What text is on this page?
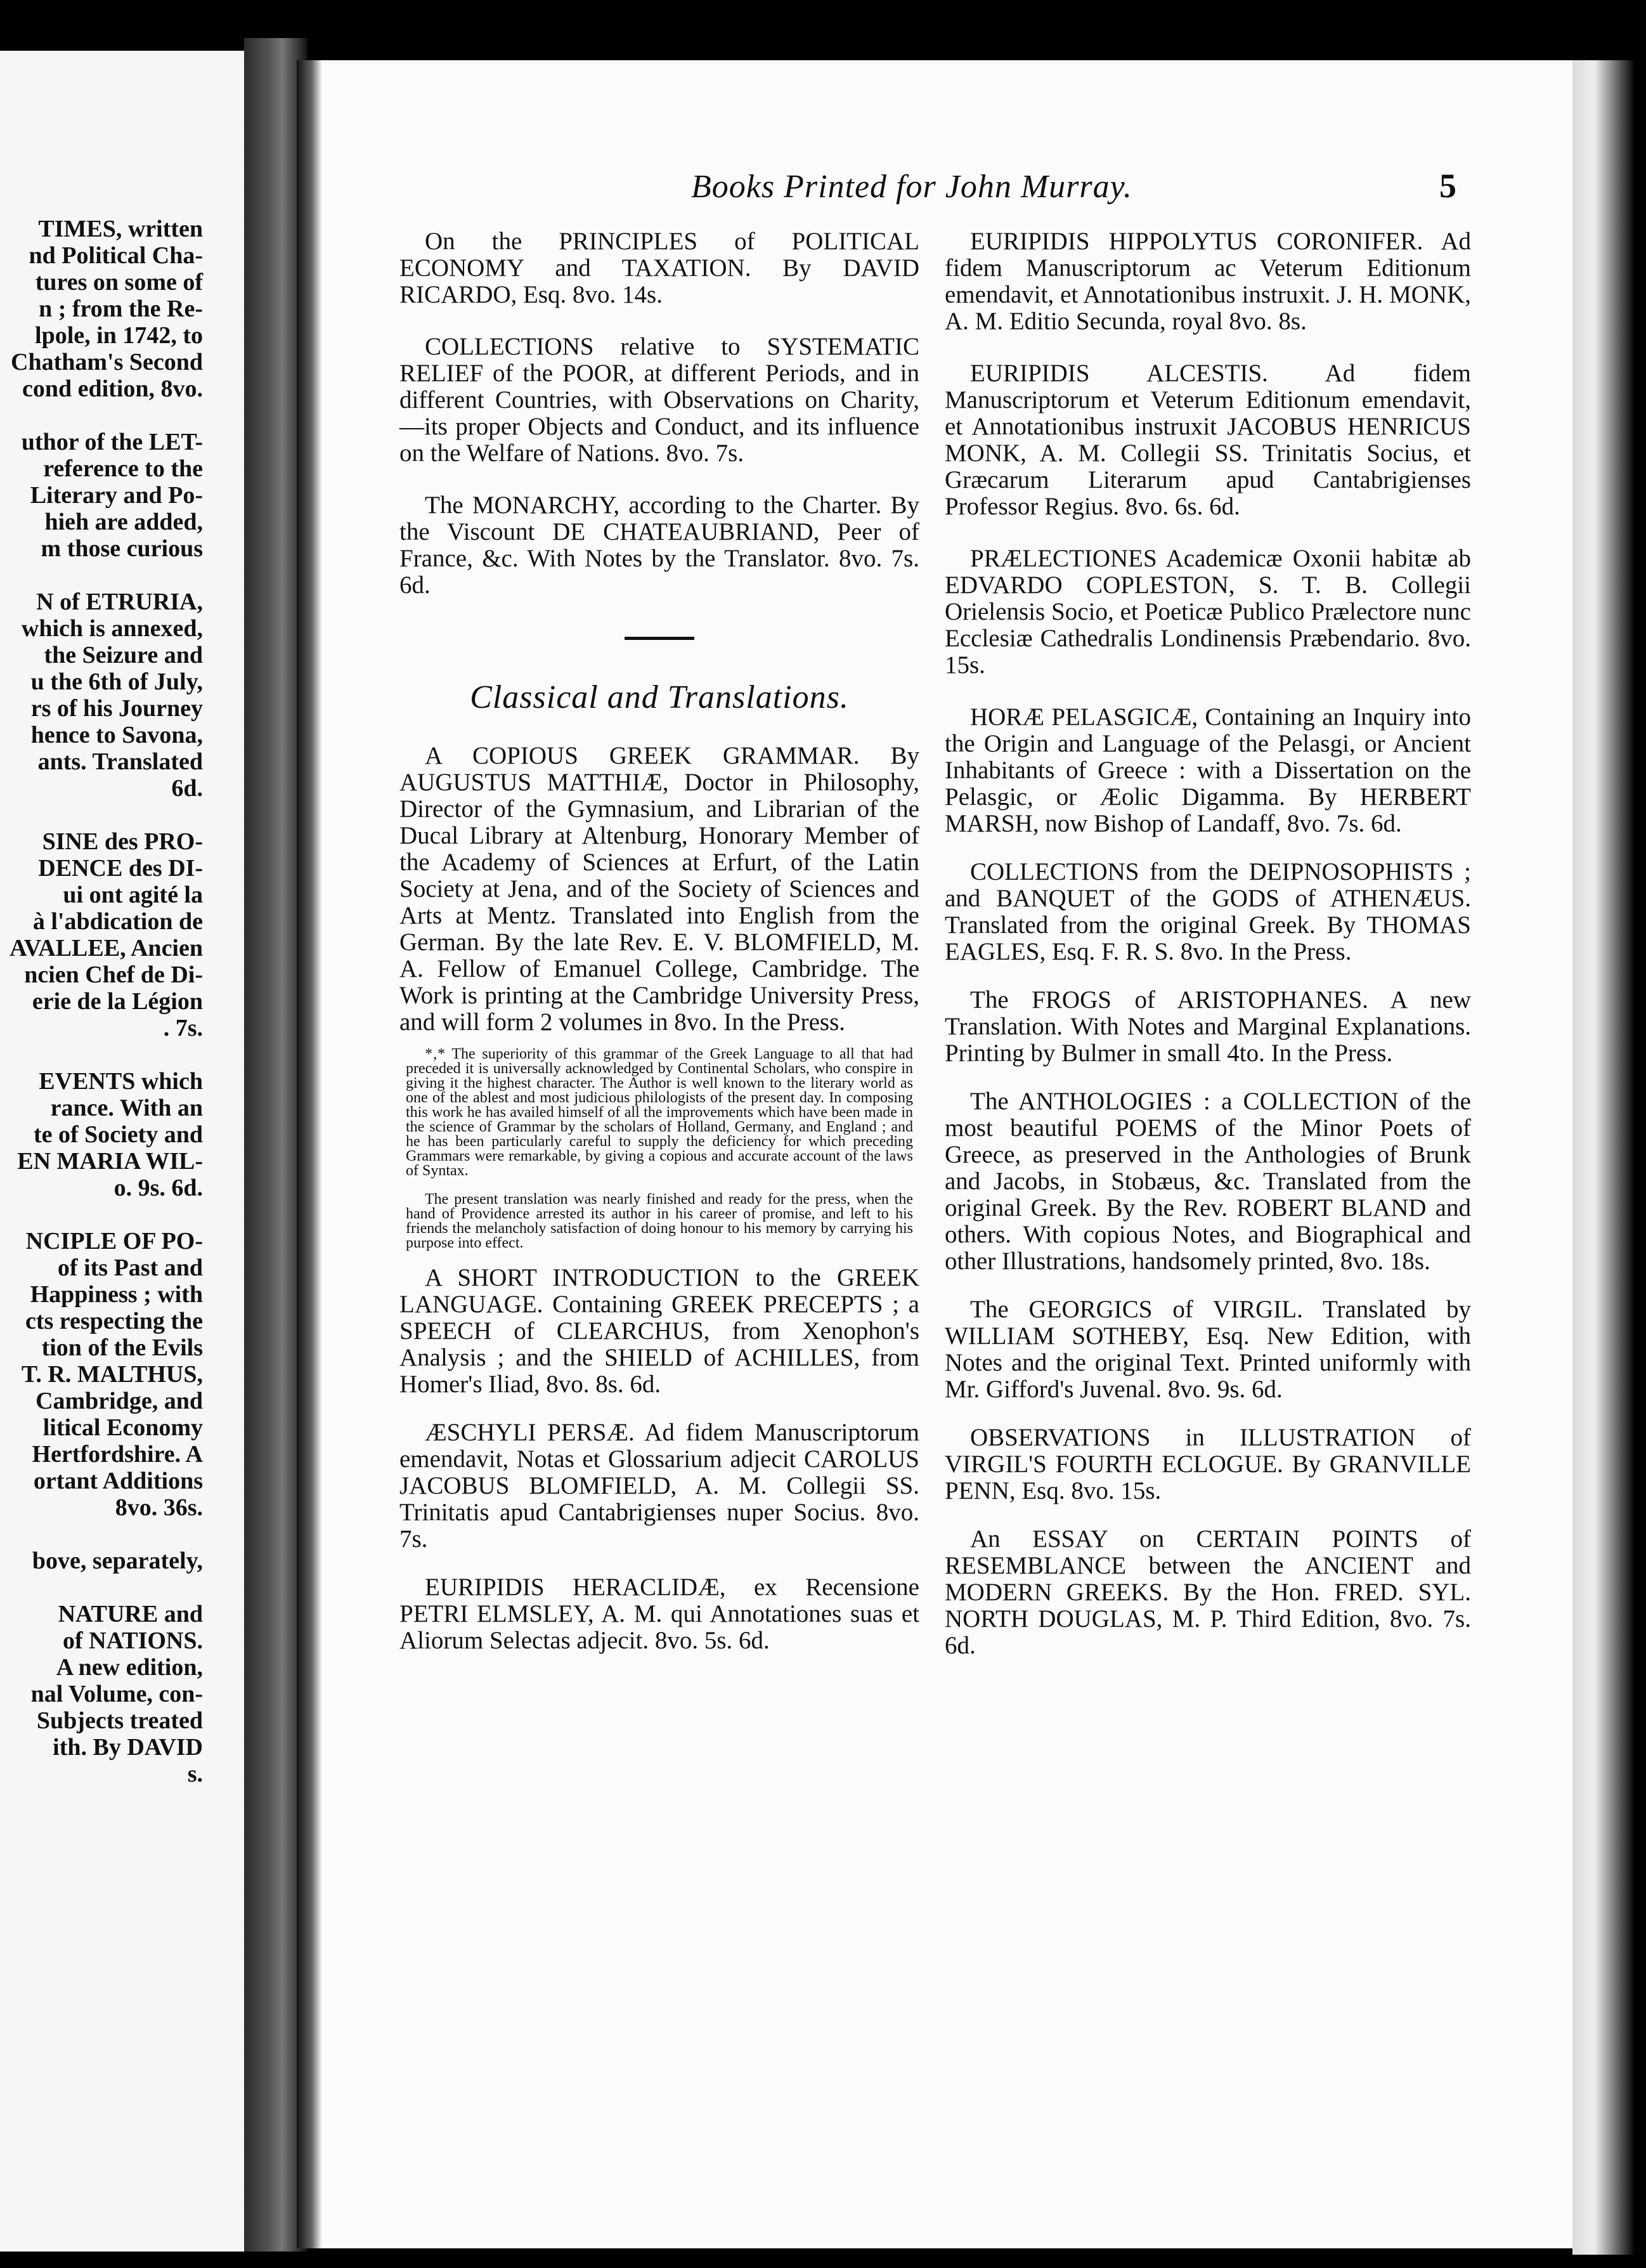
TIMES, written

nd Political Cha-

tures on some of

n ; from the Re-

lpole, in 1742, to

Chatham's Second

cond edition, 8vo.

uthor of the LET-

reference to the

Literary and Po-

hieh are added,

m those curious

N of ETRURIA,

which is annexed,

the Seizure and

u the 6th of July,

rs of his Journey

hence to Savona,

ants. Translated

6d.

SINE des PRO-

DENCE des DI-

ui ont agité la

à l'abdication de

AVALLEE, Ancien

ncien Chef de Di-

erie de la Légion

. 7s.

EVENTS which

rance. With an

te of Society and

EN MARIA WIL-

o. 9s. 6d.

NCIPLE OF PO-

of its Past and

Happiness ; with

cts respecting the

tion of the Evils

T. R. MALTHUS,

Cambridge, and

litical Economy

Hertfordshire. A

ortant Additions

8vo. 36s.

bove, separately,

NATURE and

of NATIONS.

A new edition,

nal Volume, con-

Subjects treated

ith. By DAVID

s.

Books Printed for John Murray.	5

On the PRINCIPLES of POLITICAL ECONOMY and TAXATION. By DAVID RICARDO, Esq. 8vo. 14s.

COLLECTIONS relative to SYSTEMATIC RELIEF of the POOR, at different Periods, and in different Countries, with Observations on Charity,—its proper Objects and Conduct, and its influence on the Welfare of Nations. 8vo. 7s.

The MONARCHY, according to the Charter. By the Viscount DE CHATEAUBRIAND, Peer of France, &c. With Notes by the Translator. 8vo. 7s. 6d.

Classical and Translations.

A COPIOUS GREEK GRAMMAR. By AUGUSTUS MATTHIÆ, Doctor in Philosophy, Director of the Gymnasium, and Librarian of the Ducal Library at Altenburg, Honorary Member of the Academy of Sciences at Erfurt, of the Latin Society at Jena, and of the Society of Sciences and Arts at Mentz. Translated into English from the German. By the late Rev. E. V. BLOMFIELD, M. A. Fellow of Emanuel College, Cambridge. The Work is printing at the Cambridge University Press, and will form 2 volumes in 8vo. In the Press.

*‚* The superiority of this grammar of the Greek Language to all that had preceded it is universally acknowledged by Continental Scholars, who conspire in giving it the highest character. The Author is well known to the literary world as one of the ablest and most judicious philologists of the present day. In composing this work he has availed himself of all the improvements which have been made in the science of Grammar by the scholars of Holland, Germany, and England ; and he has been particularly careful to supply the deficiency for which preceding Grammars were remarkable, by giving a copious and accurate account of the laws of Syntax.

The present translation was nearly finished and ready for the press, when the hand of Providence arrested its author in his career of promise, and left to his friends the melancholy satisfaction of doing honour to his memory by carrying his purpose into effect.

A SHORT INTRODUCTION to the GREEK LANGUAGE. Containing GREEK PRECEPTS ; a SPEECH of CLEARCHUS, from Xenophon's Analysis ; and the SHIELD of ACHILLES, from Homer's Iliad, 8vo. 8s. 6d.

ÆSCHYLI PERSÆ. Ad fidem Manuscriptorum emendavit, Notas et Glossarium adjecit CAROLUS JACOBUS BLOMFIELD, A. M. Collegii SS. Trinitatis apud Cantabrigienses nuper Socius. 8vo. 7s.

EURIPIDIS HERACLIDÆ, ex Recensione PETRI ELMSLEY, A. M. qui Annotationes suas et Aliorum Selectas adjecit. 8vo. 5s. 6d.

EURIPIDIS HIPPOLYTUS CORONIFER. Ad fidem Manuscriptorum ac Veterum Editionum emendavit, et Annotationibus instruxit. J. H. MONK, A. M. Editio Secunda, royal 8vo. 8s.

EURIPIDIS ALCESTIS. Ad fidem Manuscriptorum et Veterum Editionum emendavit, et Annotationibus instruxit JACOBUS HENRICUS MONK, A. M. Collegii SS. Trinitatis Socius, et Græcarum Literarum apud Cantabrigienses Professor Regius. 8vo. 6s. 6d.

PRÆLECTIONES Academicæ Oxonii habitæ ab EDVARDO COPLESTON, S. T. B. Collegii Orielensis Socio, et Poeticæ Publico Prælectore nunc Ecclesiæ Cathedralis Londinensis Præbendario. 8vo. 15s.

HORÆ PELASGICÆ, Containing an Inquiry into the Origin and Language of the Pelasgi, or Ancient Inhabitants of Greece : with a Dissertation on the Pelasgic, or Æolic Digamma. By HERBERT MARSH, now Bishop of Landaff, 8vo. 7s. 6d.

COLLECTIONS from the DEIPNOSOPHISTS ; and BANQUET of the GODS of ATHENÆUS. Translated from the original Greek. By THOMAS EAGLES, Esq. F. R. S. 8vo. In the Press.

The FROGS of ARISTOPHANES. A new Translation. With Notes and Marginal Explanations. Printing by Bulmer in small 4to. In the Press.

The ANTHOLOGIES : a COLLECTION of the most beautiful POEMS of the Minor Poets of Greece, as preserved in the Anthologies of Brunk and Jacobs, in Stobæus, &c. Translated from the original Greek. By the Rev. ROBERT BLAND and others. With copious Notes, and Biographical and other Illustrations, handsomely printed, 8vo. 18s.

The GEORGICS of VIRGIL. Translated by WILLIAM SOTHEBY, Esq. New Edition, with Notes and the original Text. Printed uniformly with Mr. Gifford's Juvenal. 8vo. 9s. 6d.

OBSERVATIONS in ILLUSTRATION of VIRGIL'S FOURTH ECLOGUE. By GRANVILLE PENN, Esq. 8vo. 15s.

An ESSAY on CERTAIN POINTS of RESEMBLANCE between the ANCIENT and MODERN GREEKS. By the Hon. FRED. SYL. NORTH DOUGLAS, M. P. Third Edition, 8vo. 7s. 6d.
